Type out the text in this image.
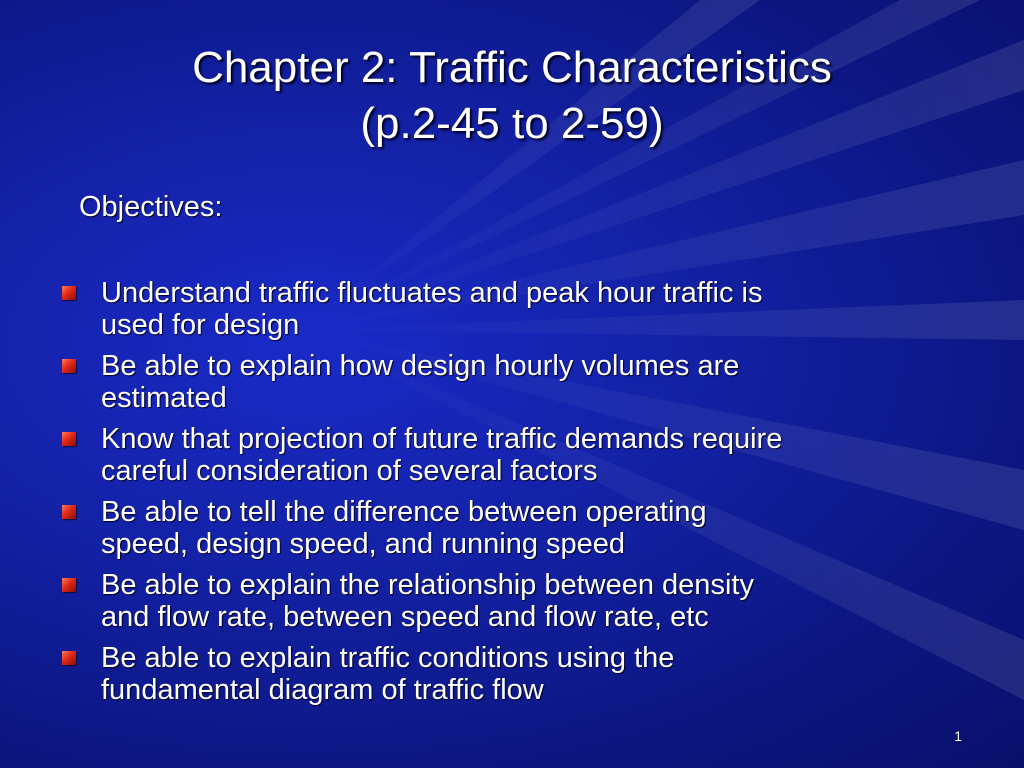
Chapter 2: Traffic Characteristics
(p.2-45 to 2-59)
Objectives:
Understand traffic fluctuates and peak hour traffic is
used for design
Be able to explain how design hourly volumes are
estimated
Know that projection of future traffic demands require
careful consideration of several factors
Be able to tell the difference between operating
speed, design speed, and running speed
Be able to explain the relationship between density
and flow rate, between speed and flow rate, etc
Be able to explain traffic conditions using the
fundamental diagram of traffic flow
1
